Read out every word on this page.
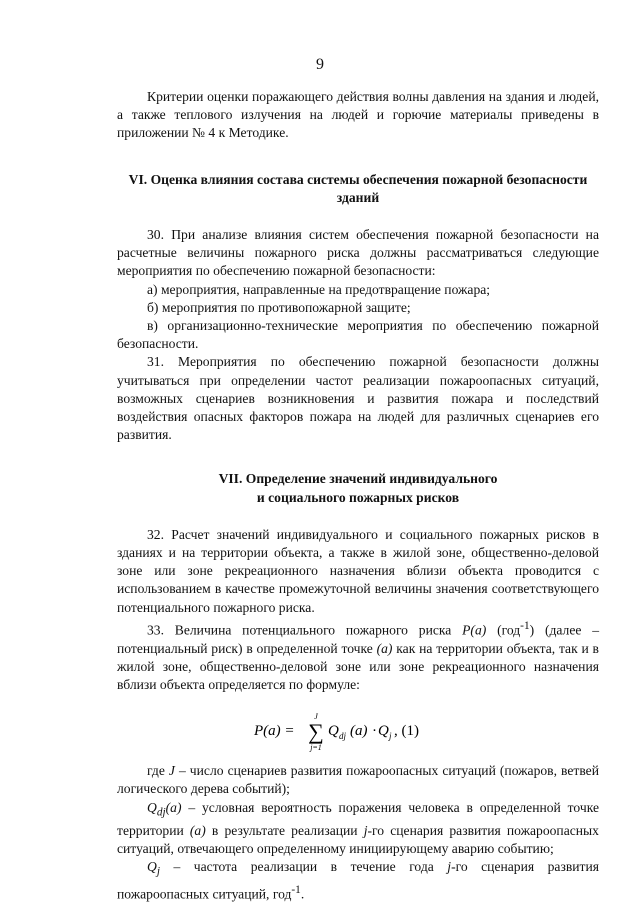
9

Критерии оценки поражающего действия волны давления на здания и людей, а также теплового излучения на людей и горючие материалы приведены в приложении № 4 к Методике.

VI. Оценка влияния состава системы обеспечения пожарной безопасности зданий

30. При анализе влияния систем обеспечения пожарной безопасности на расчетные величины пожарного риска должны рассматриваться следующие мероприятия по обеспечению пожарной безопасности:

а) мероприятия, направленные на предотвращение пожара;

б) мероприятия по противопожарной защите;

в) организационно-технические мероприятия по обеспечению пожарной безопасности.

31. Мероприятия по обеспечению пожарной безопасности должны учитываться при определении частот реализации пожароопасных ситуаций, возможных сценариев возникновения и развития пожара и последствий воздействия опасных факторов пожара на людей для различных сценариев его развития.

VII. Определение значений индивидуального
и социального пожарных рисков

32. Расчет значений индивидуального и социального пожарных рисков в зданиях и на территории объекта, а также в жилой зоне, общественно-деловой зоне или зоне рекреационного назначения вблизи объекта проводится с использованием в качестве промежуточной величины значения соответствующего потенциального пожарного риска.

33. Величина потенциального пожарного риска P(a) (год$^{-1}$) (далее – потенциальный риск) в определенной точке (a) как на территории объекта, так и в жилой зоне, общественно-деловой зоне или зоне рекреационного назначения вблизи объекта определяется по формуле:

P(a) =
J
∑
j=1
Q dj (a) · Q j , (1)

где J – число сценариев развития пожароопасных ситуаций (пожаров, ветвей логического дерева событий);

$Q_{dj}(a)$ – условная вероятность поражения человека в определенной точке территории (a) в результате реализации j-го сценария развития пожароопасных ситуаций, отвечающего определенному инициирующему аварию событию;

$Q_j$ – частота реализации в течение года j-го сценария развития пожароопасных ситуаций, год$^{-1}$.
